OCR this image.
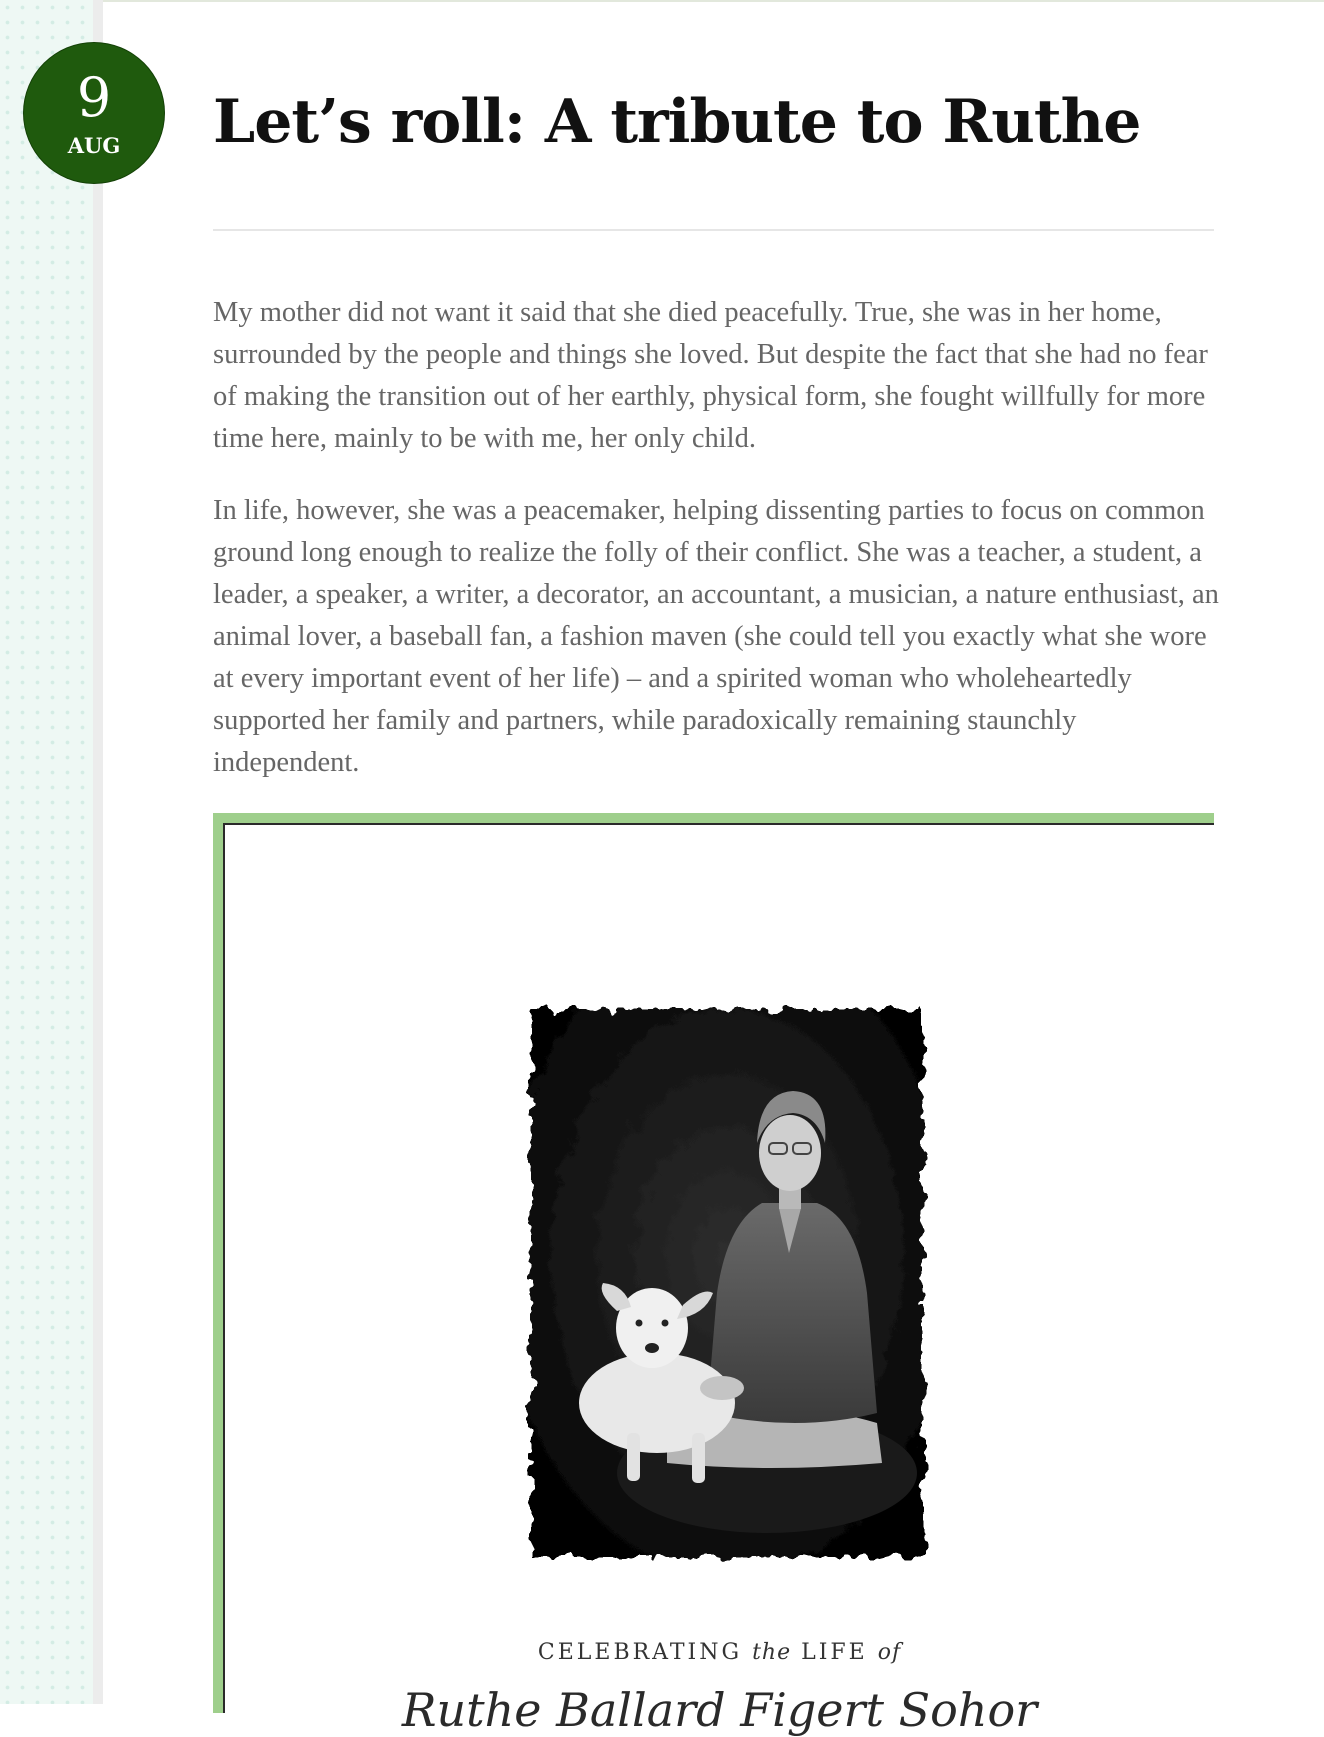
9
AUG	Let’s roll: A tribute to Ruthe

My mother did not want it said that she died peacefully. True, she was in her home, surrounded by the people and things she loved. But despite the fact that she had no fear of making the transition out of her earthly, physical form, she fought willfully for more time here, mainly to be with me, her only child.

In life, however, she was a peacemaker, helping dissenting parties to focus on common ground long enough to realize the folly of their conflict. She was a teacher, a student, a leader, a speaker, a writer, a decorator, an accountant, a musician, a nature enthusiast, an animal lover, a baseball fan, a fashion maven (she could tell you exactly what she wore at every important event of her life) – and a spirited woman who wholeheartedly supported her family and partners, while paradoxically remaining staunchly independent.

CELEBRATING the LIFE of
Ruthe Ballard Figert Sohor
